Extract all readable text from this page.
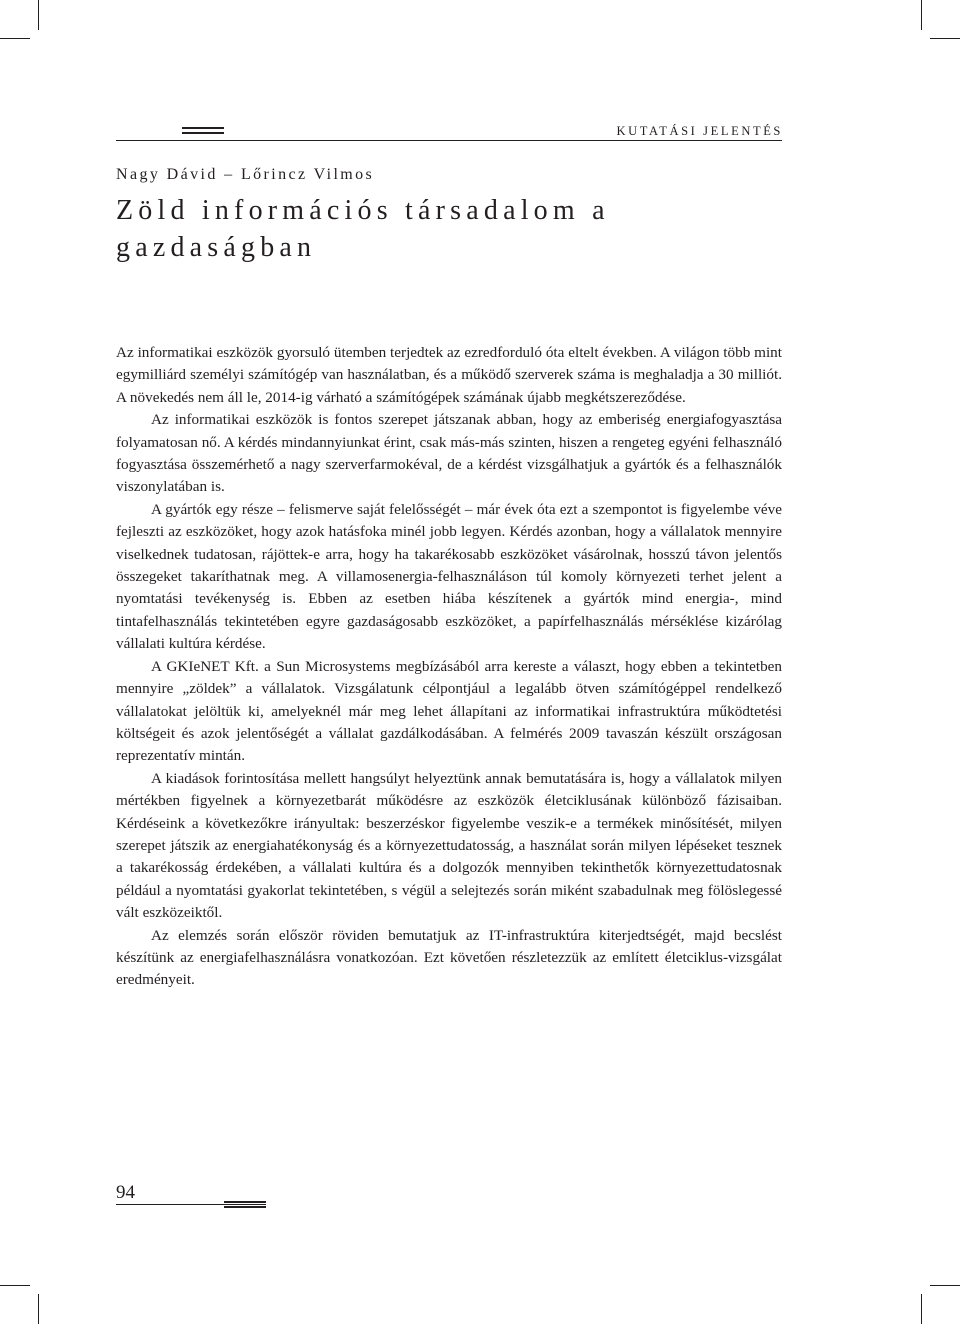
KUTATÁSI JELENTÉS
Nagy Dávid – Lőrincz Vilmos
Zöld információs társadalom a gazdaságban

Az informatikai eszközök gyorsuló ütemben terjedtek az ezredforduló óta eltelt években. A világon több mint egymilliárd személyi számítógép van használatban, és a működő szerverek száma is meghaladja a 30 milliót. A növekedés nem áll le, 2014-ig várható a számítógépek számának újabb megkétszereződése.

Az informatikai eszközök is fontos szerepet játszanak abban, hogy az emberiség energiafogyasztása folyamatosan nő. A kérdés mindannyiunkat érint, csak más-más szinten, hiszen a rengeteg egyéni felhasználó fogyasztása összemérhető a nagy szerverfarmokéval, de a kérdést vizsgálhatjuk a gyártók és a felhasználók viszonylatában is.

A gyártók egy része – felismerve saját felelősségét – már évek óta ezt a szempontot is figyelembe véve fejleszti az eszközöket, hogy azok hatásfoka minél jobb legyen. Kérdés azonban, hogy a vállalatok mennyire viselkednek tudatosan, rájöttek-e arra, hogy ha takarékosabb eszközöket vásárolnak, hosszú távon jelentős összegeket takaríthatnak meg. A villamosenergia-felhasználáson túl komoly környezeti terhet jelent a nyomtatási tevékenység is. Ebben az esetben hiába készítenek a gyártók mind energia-, mind tintafelhasználás tekintetében egyre gazdaságosabb eszközöket, a papírfelhasználás mérséklése kizárólag vállalati kultúra kérdése.

A GKIeNET Kft. a Sun Microsystems megbízásából arra kereste a választ, hogy ebben a tekintetben mennyire „zöldek” a vállalatok. Vizsgálatunk célpontjául a legalább ötven számítógéppel rendelkező vállalatokat jelöltük ki, amelyeknél már meg lehet állapítani az informatikai infrastruktúra működtetési költségeit és azok jelentőségét a vállalat gazdálkodásában. A felmérés 2009 tavaszán készült országosan reprezentatív mintán.

A kiadások forintosítása mellett hangsúlyt helyeztünk annak bemutatására is, hogy a vállalatok milyen mértékben figyelnek a környezetbarát működésre az eszközök életciklusának különböző fázisaiban. Kérdéseink a következőkre irányultak: beszerzéskor figyelembe veszik-e a termékek minősítését, milyen szerepet játszik az energiahatékonyság és a környezettudatosság, a használat során milyen lépéseket tesznek a takarékosság érdekében, a vállalati kultúra és a dolgozók mennyiben tekinthetők környezettudatosnak például a nyomtatási gyakorlat tekintetében, s végül a selejtezés során miként szabadulnak meg fölöslegessé vált eszközeiktől.

Az elemzés során először röviden bemutatjuk az IT-infrastruktúra kiterjedtségét, majd becslést készítünk az energiafelhasználásra vonatkozóan. Ezt követően részletezzük az említett életciklus-vizsgálat eredményeit.

94
